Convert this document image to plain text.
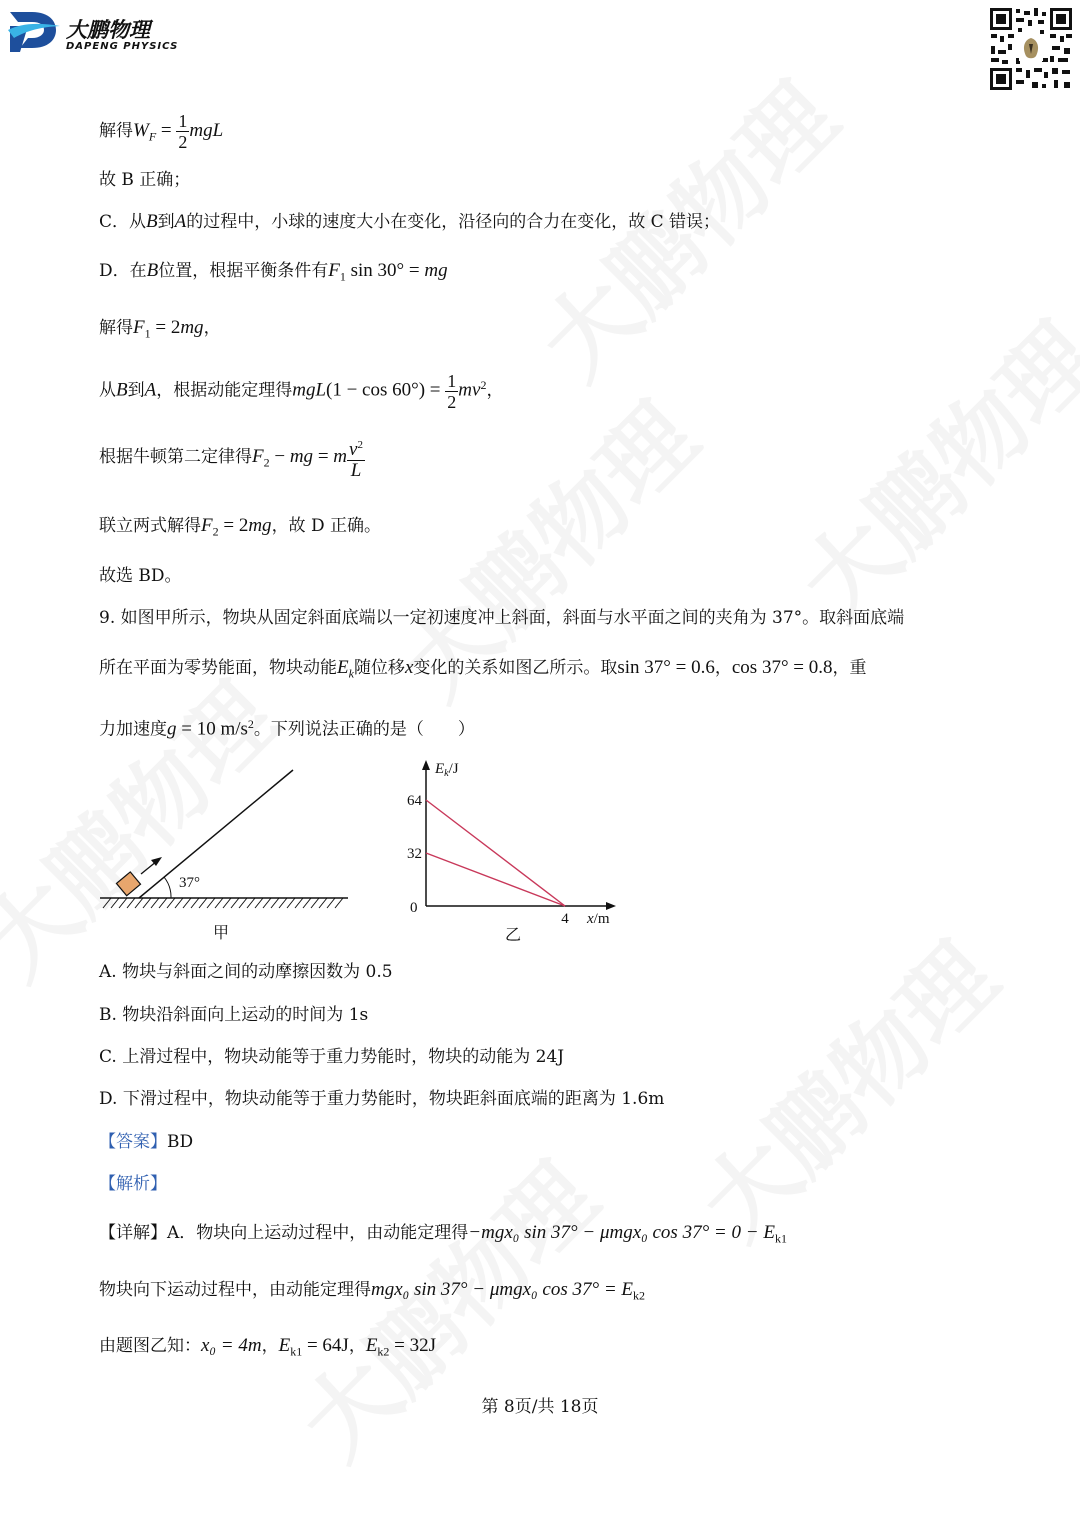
大鹏物理
DAPENG PHYSICS
解得$W_F = \frac{1}{2}$ mgL
故 B 正确；
C．从B到A的过程中，小球的速度大小在变化，沿径向的合力在变化，故 C 错误；
D．在B位置，根据平衡条件有$F_1$ sin 30° = mg
解得$F_1 = 2mg$，
从B到A，根据动能定理得$mgL(1 - \cos 60^\circ) = \frac{1}{2} mv^2$，
根据牛顿第二定律得$F_2$ − mg = m $\frac{v^2}{L}$
联立两式解得$F_2 = 2mg$，故 D 正确。
故选 BD。
9. 如图甲所示，物块从固定斜面底端以一定初速度冲上斜面，斜面与水平面之间的夹角为 37°。取斜面底端
所在平面为零势能面，物块动能$E_k$随位移x变化的关系如图乙所示。取sin 37° = 0.6，cos 37° = 0.8，重
力加速度g = 10 $m/s^2$。下列说法正确的是（　　）
37°
甲
32
64
4
0
$E_k/J$
x/m
乙
A. 物块与斜面之间的动摩擦因数为 0.5
B. 物块沿斜面向上运动的时间为 1s
C. 上滑过程中，物块动能等于重力势能时，物块的动能为 24J
D. 下滑过程中，物块动能等于重力势能时，物块距斜面底端的距离为 1.6m
【答案】BD
【解析】
【详解】A．物块向上运动过程中，由动能定理得−mgx₀ sin 37° − μmgx₀ $\cos 37^\circ = 0 - E_{k1}$
物块向下运动过程中，由动能定理得mgx₀ sin 37° − μmgx₀ $\cos 37^\circ = E_{k2}$
由题图乙知：x₀ = 4m，$E_{k1} = 64J$，$E_{k2} = 32J$
第 8页/共 18页
